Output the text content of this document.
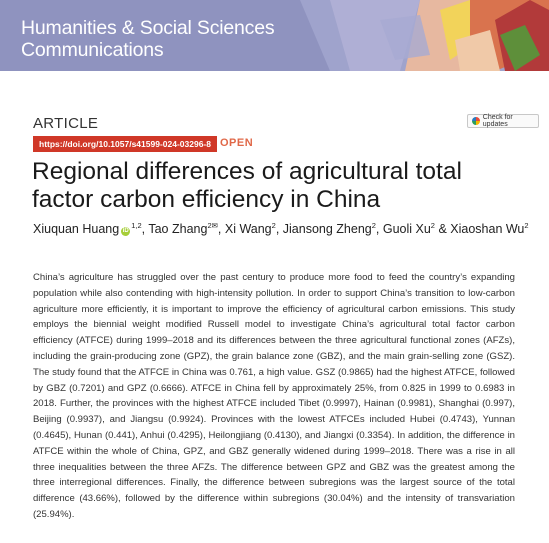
Humanities & Social Sciences
Communications
ARTICLE	Check for updates
https://doi.org/10.1057/s41599-024-03296-8 OPEN
Regional differences of agricultural total factor carbon efficiency in China
Xiuquan Huang iD$^{1,2}$, Tao Zhang$^{2✉}$, Xi Wang$^2$, Jiansong Zheng$^2$, Guoli Xu$^2$ & Xiaoshan Wu$^2$

China’s agriculture has struggled over the past century to produce more food to feed the country’s expanding population while also contending with high-intensity pollution. In order to support China’s transition to low-carbon agriculture more efficiently, it is important to improve the efficiency of agricultural carbon emissions. This study employs the biennial weight modified Russell model to investigate China’s agricultural total factor carbon efficiency (ATFCE) during 1999–2018 and its differences between the three agricultural functional zones (AFZs), including the grain-producing zone (GPZ), the grain balance zone (GBZ), and the main grain-selling zone (GSZ). The study found that the ATFCE in China was 0.761, a high value. GSZ (0.9865) had the highest ATFCE, followed by GBZ (0.7201) and GPZ (0.6666). ATFCE in China fell by approximately 25%, from 0.825 in 1999 to 0.6983 in 2018. Further, the provinces with the highest ATFCE included Tibet (0.9997), Hainan (0.9981), Shanghai (0.997), Beijing (0.9937), and Jiangsu (0.9924). Provinces with the lowest ATFCEs included Hubei (0.4743), Yunnan (0.4645), Hunan (0.441), Anhui (0.4295), Heilongjiang (0.4130), and Jiangxi (0.3354). In addition, the difference in ATFCE within the whole of China, GPZ, and GBZ generally widened during 1999–2018. There was a rise in all three inequalities between the three AFZs. The difference between GPZ and GBZ was the greatest among the three interregional differences. Finally, the difference between subregions was the largest source of the total difference (43.66%), followed by the difference within subregions (30.04%) and the intensity of transvariation (25.94%).
